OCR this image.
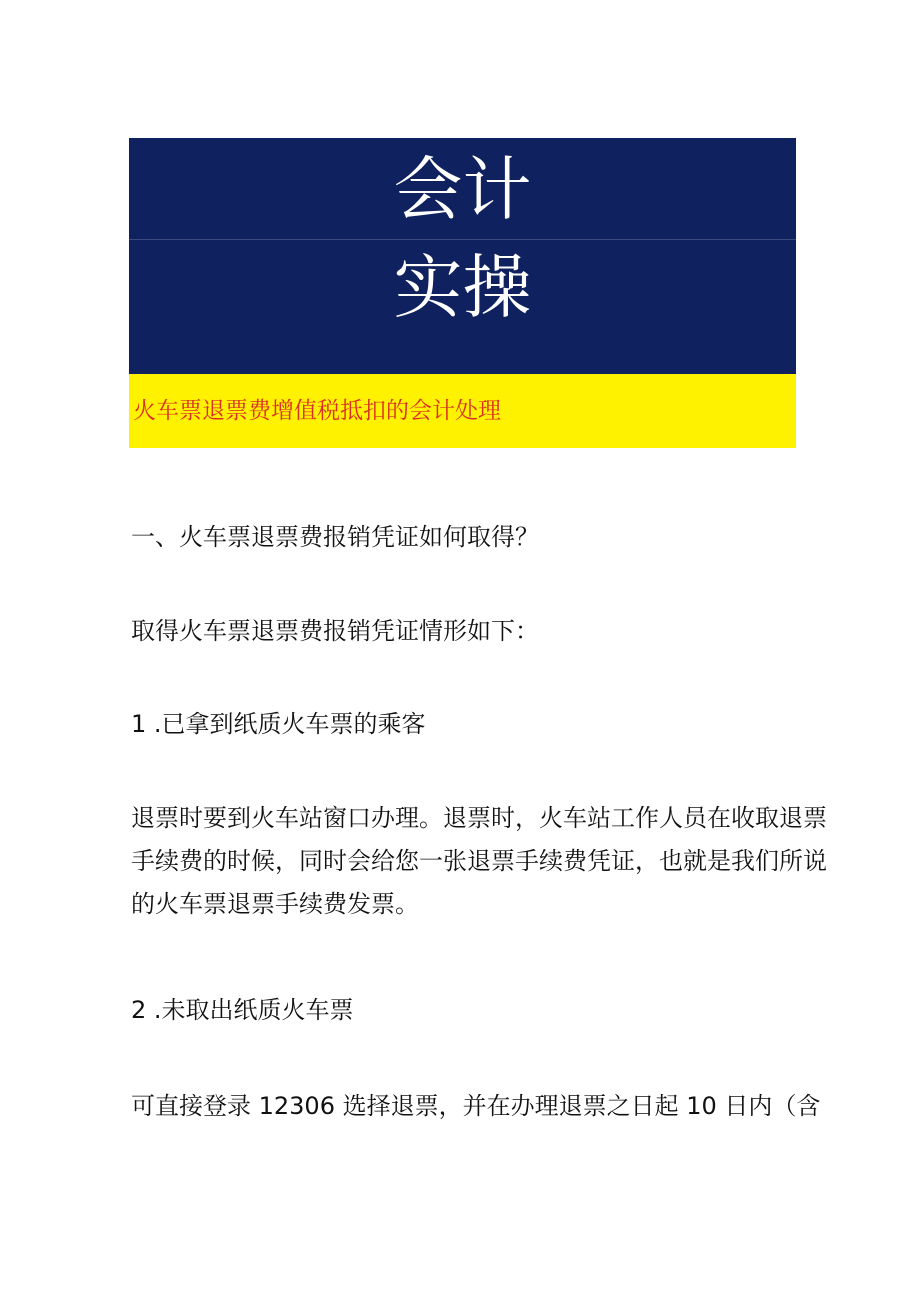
会计
实操
火车票退票费增值税抵扣的会计处理
一、火车票退票费报销凭证如何取得？
取得火车票退票费报销凭证情形如下：
1 .已拿到纸质火车票的乘客
退票时要到火车站窗口办理。退票时，火车站工作人员在收取退票
手续费的时候，同时会给您一张退票手续费凭证，也就是我们所说
的火车票退票手续费发票。
2 .未取出纸质火车票
可直接登录 12306 选择退票，并在办理退票之日起 10 日内（含
